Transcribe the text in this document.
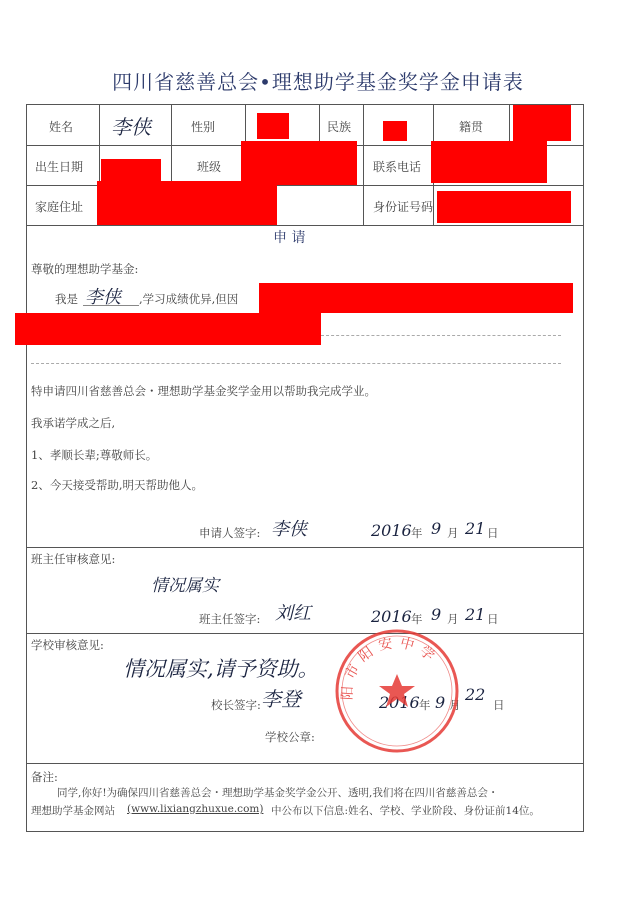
四川省慈善总会•理想助学基金奖学金申请表
姓名 李侠	性别	民族	籍贯
出生日期	班级	联系电话
家庭住址	身份证号码
申 请
尊敬的理想助学基金:
我是 李侠 ,学习成绩优异,但因
特申请四川省慈善总会・理想助学基金奖学金用以帮助我完成学业。
我承诺学成之后,
1、孝顺长辈;尊敬师长。
2、今天接受帮助,明天帮助他人。
申请人签字: 李侠	2016 年 9 月 21 日
班主任审核意见:
情况属实
班主任签字: 刘红	2016 年 9 月 21 日
学校审核意见:
情况属实,请予资助。
校长签字: 李登	2016 年 9 月
22
日
学校公章:
备注:
同学,你好!为确保四川省慈善总会・理想助学基金奖学金公开、透明,我们将在四川省慈善总会・
理想助学基金网站 (www.lixiangzhuxue.com) 中公布以下信息:姓名、学校、学业阶段、身份证前14位。
阳市阳安中学
